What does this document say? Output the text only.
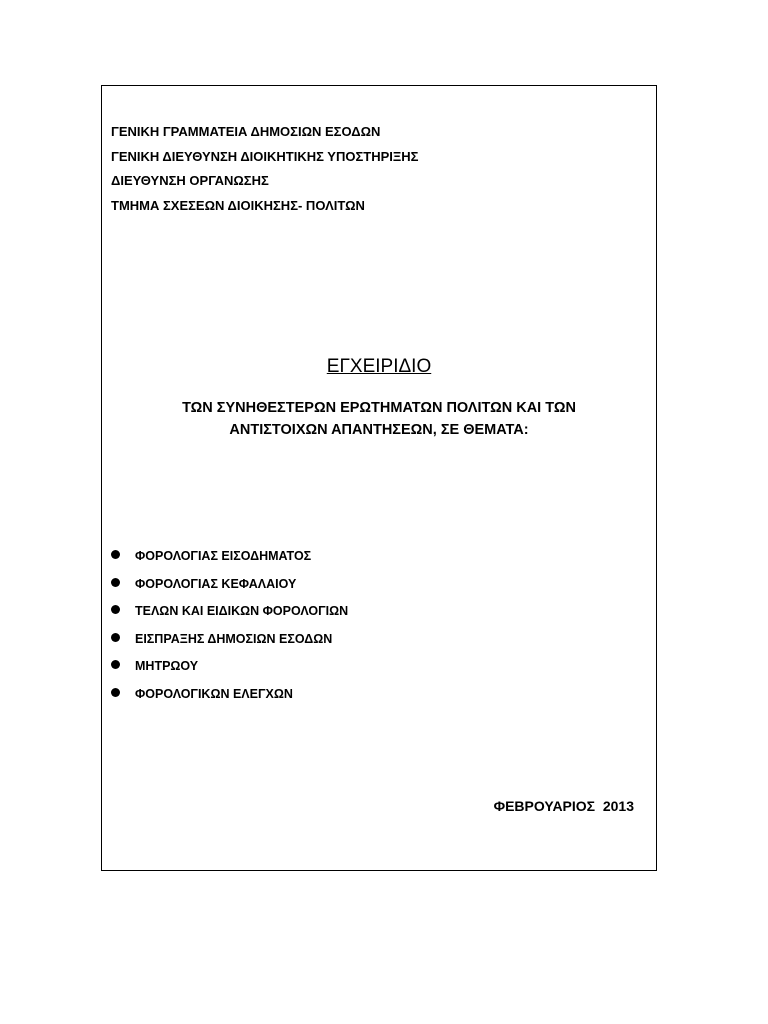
ΓΕΝΙΚΗ ΓΡΑΜΜΑΤΕΙΑ ΔΗΜΟΣΙΩΝ ΕΣΟΔΩΝ
ΓΕΝΙΚΗ ΔΙΕΥΘΥΝΣΗ ΔΙΟΙΚΗΤΙΚΗΣ ΥΠΟΣΤΗΡΙΞΗΣ
ΔΙΕΥΘΥΝΣΗ ΟΡΓΑΝΩΣΗΣ
ΤΜΗΜΑ ΣΧΕΣΕΩΝ ΔΙΟΙΚΗΣΗΣ- ΠΟΛΙΤΩΝ
ΕΓΧΕΙΡΙΔΙΟ

ΤΩΝ ΣΥΝΗΘΕΣΤΕΡΩΝ ΕΡΩΤΗΜΑΤΩΝ ΠΟΛΙΤΩΝ ΚΑΙ ΤΩΝ
ΑΝΤΙΣΤΟΙΧΩΝ ΑΠΑΝΤΗΣΕΩΝ, ΣΕ ΘΕΜΑΤΑ:

ΦΟΡΟΛΟΓΙΑΣ ΕΙΣΟΔΗΜΑΤΟΣ
ΦΟΡΟΛΟΓΙΑΣ ΚΕΦΑΛΑΙΟΥ
ΤΕΛΩΝ ΚΑΙ ΕΙΔΙΚΩΝ ΦΟΡΟΛΟΓΙΩΝ
ΕΙΣΠΡΑΞΗΣ ΔΗΜΟΣΙΩΝ ΕΣΟΔΩΝ
ΜΗΤΡΩΟΥ
ΦΟΡΟΛΟΓΙΚΩΝ ΕΛΕΓΧΩΝ
ΦΕΒΡΟΥΑΡΙΟΣ  2013
